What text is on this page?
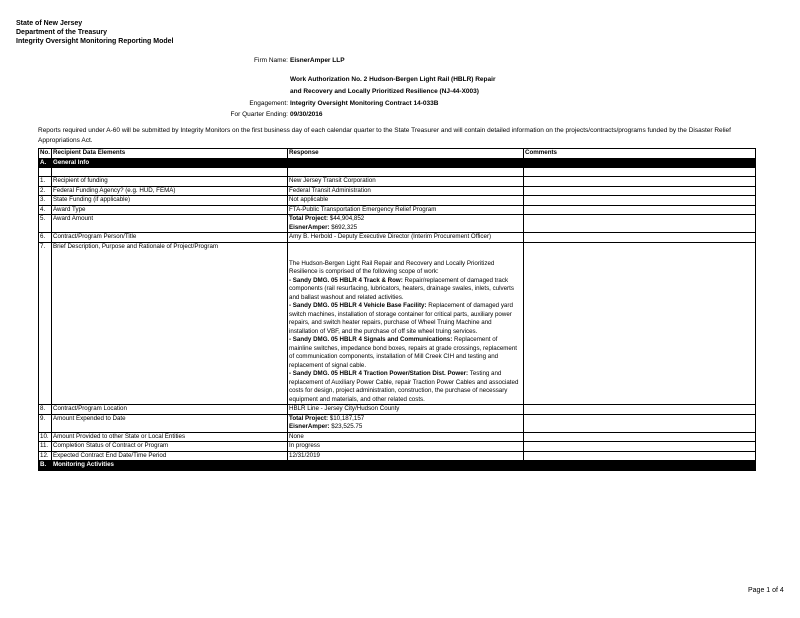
State of New Jersey
Department of the Treasury
Integrity Oversight Monitoring Reporting Model
Firm Name: EisnerAmper LLP
Work Authorization No. 2 Hudson-Bergen Light Rail (HBLR) Repair
and Recovery and Locally Prioritized Resilience (NJ-44-X003)
Engagement: Integrity Oversight Monitoring Contract 14-033B
For Quarter Ending: 09/30/2016
Reports required under A-60 will be submitted by Integrity Monitors on the first business day of each calendar quarter to the State Treasurer and will contain detailed information on the projects/contracts/programs funded by the Disaster Relief Appropriations Act.
No.	Recipient Data Elements	Response	Comments
A.	General Info		

1.	Recipient of funding	New Jersey Transit Corporation	
2.	Federal Funding Agency? (e.g. HUD, FEMA)	Federal Transit Administration	
3.	State Funding (if applicable)	Not applicable	
4.	Award Type	FTA-Public Transportation Emergency Relief Program	
5.	Award Amount	Total Project: $44,904,852
EisnerAmper: $692,325	

6.	Contract/Program Person/Title	Amy B. Herbold - Deputy Executive Director (Interim Procurement Officer)	
7.	Brief Description, Purpose and Rationale of Project/Program	The Hudson-Bergen Light Rail Repair and Recovery and Locally Prioritized Resilience is comprised of the following scope of work:
- Sandy DMG. 05 HBLR 4 Track & Row: Repair/replacement of damaged track components (rail resurfacing, lubricators, heaters, drainage swales, inlets, culverts and ballast washout and related activities.
- Sandy DMG. 05 HBLR 4 Vehicle Base Facility: Replacement of damaged yard switch machines, installation of storage container for critical parts, auxiliary power repairs, and switch heater repairs, purchase of Wheel Truing Machine and installation of VBF, and the purchase of off site wheel truing services.
- Sandy DMG. 05 HBLR 4 Signals and Communications: Replacement of mainline switches, impedance bond boxes, repairs at grade crossings, replacement of communication components, installation of Mill Creek CIH and testing and replacement of signal cable.
- Sandy DMG. 05 HBLR 4 Traction Power/Station Dist. Power: Testing and replacement of Auxiliary Power Cable, repair Traction Power Cables and associated costs for design, project administration, construction, the purchase of necessary equipment and materials, and other related costs.	

8.	Contract/Program Location	HBLR Line - Jersey City/Hudson County	
9.	Amount Expended to Date	Total Project: $10,187,157
EisnerAmper: $23,525.75	

10.	Amount Provided to other State or Local Entities	None	
11.	Completion Status of Contract or Program	In progress	
12.	Expected Contract End Date/Time Period	12/31/2019	
B.	Monitoring Activities		
Page 1 of 4
